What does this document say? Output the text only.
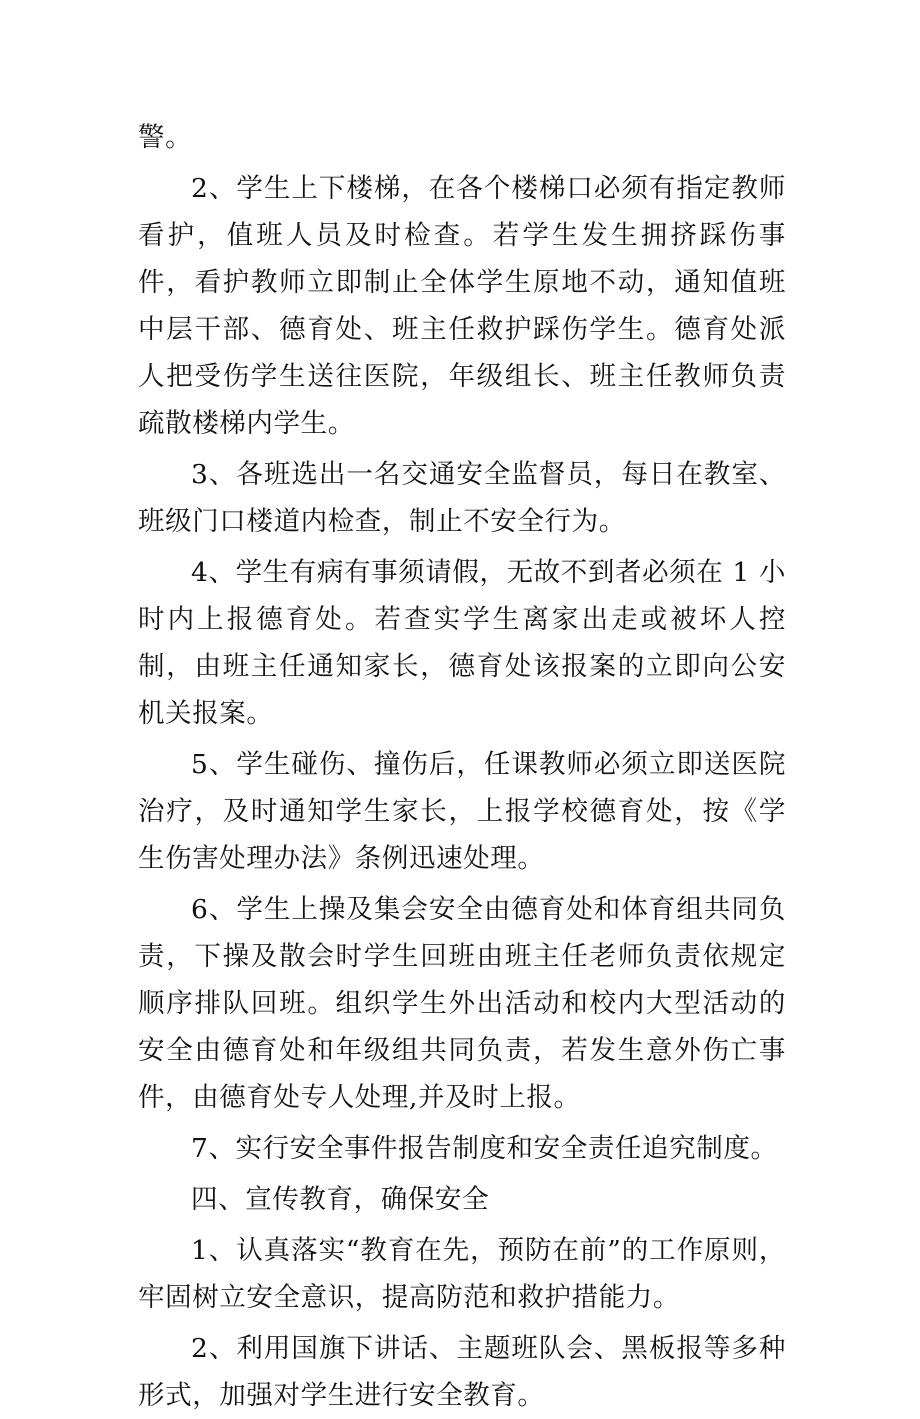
警。

2、学生上下楼梯，在各个楼梯口必须有指定教师看护，值班人员及时检查。若学生发生拥挤踩伤事件，看护教师立即制止全体学生原地不动，通知值班中层干部、德育处、班主任救护踩伤学生。德育处派人把受伤学生送往医院，年级组长、班主任教师负责疏散楼梯内学生。

3、各班选出一名交通安全监督员，每日在教室、班级门口楼道内检查，制止不安全行为。

4、学生有病有事须请假，无故不到者必须在 1 小时内上报德育处。若查实学生离家出走或被坏人控制，由班主任通知家长，德育处该报案的立即向公安机关报案。

5、学生碰伤、撞伤后，任课教师必须立即送医院治疗，及时通知学生家长，上报学校德育处，按《学生伤害处理办法》条例迅速处理。

6、学生上操及集会安全由德育处和体育组共同负责，下操及散会时学生回班由班主任老师负责依规定顺序排队回班。组织学生外出活动和校内大型活动的安全由德育处和年级组共同负责，若发生意外伤亡事件，由德育处专人处理,并及时上报。

7、实行安全事件报告制度和安全责任追究制度。

四、宣传教育，确保安全

1、认真落实“教育在先，预防在前”的工作原则，牢固树立安全意识，提高防范和救护措能力。

2、利用国旗下讲话、主题班队会、黑板报等多种形式，加强对学生进行安全教育。
